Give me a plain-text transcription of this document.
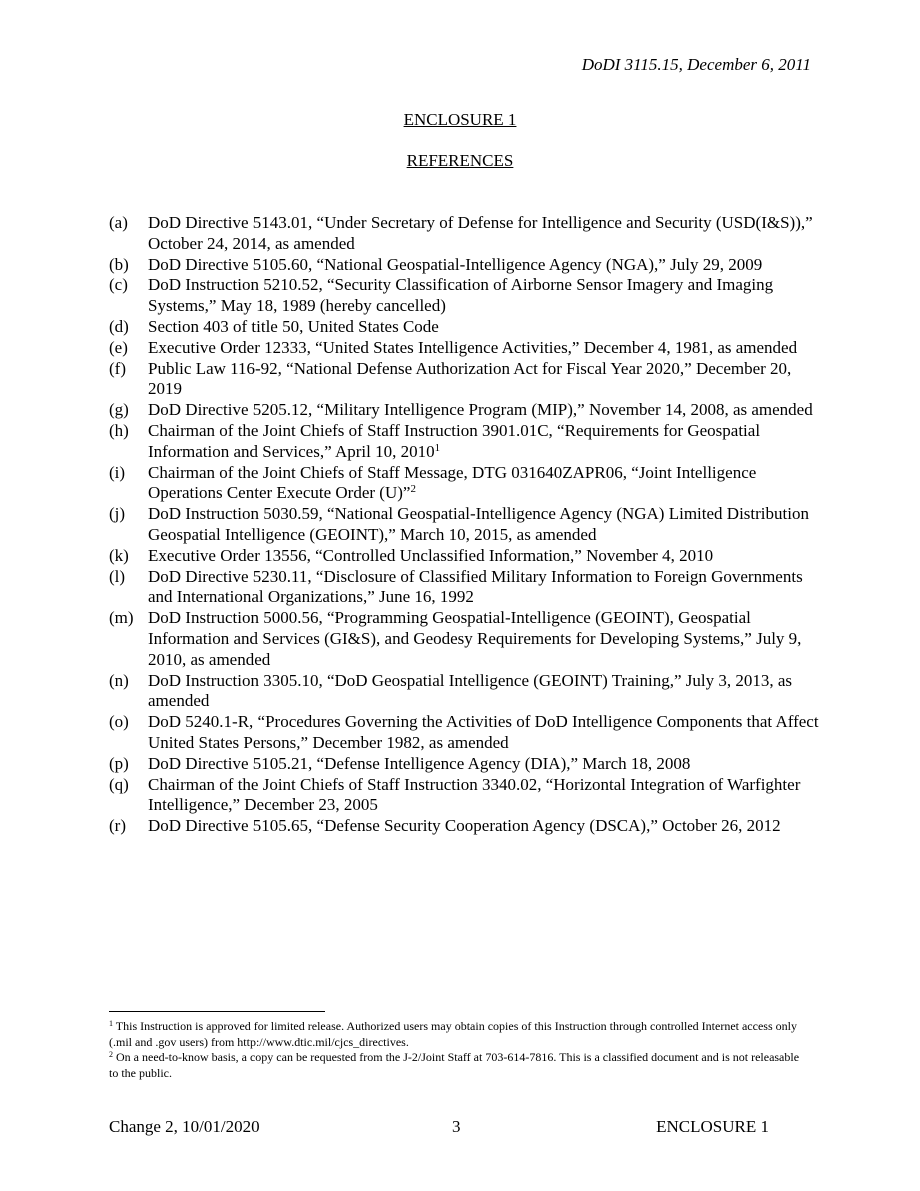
DoDI 3115.15, December 6, 2011
ENCLOSURE 1
REFERENCES
(a) DoD Directive 5143.01, “Under Secretary of Defense for Intelligence and Security (USD(I&S)),” October 24, 2014, as amended
(b) DoD Directive 5105.60, “National Geospatial-Intelligence Agency (NGA),” July 29, 2009
(c) DoD Instruction 5210.52, “Security Classification of Airborne Sensor Imagery and Imaging Systems,” May 18, 1989 (hereby cancelled)
(d) Section 403 of title 50, United States Code
(e) Executive Order 12333, “United States Intelligence Activities,” December 4, 1981, as amended
(f) Public Law 116-92, “National Defense Authorization Act for Fiscal Year 2020,” December 20, 2019
(g) DoD Directive 5205.12, “Military Intelligence Program (MIP),” November 14, 2008, as amended
(h) Chairman of the Joint Chiefs of Staff Instruction 3901.01C, “Requirements for Geospatial Information and Services,” April 10, 2010$^1$
(i) Chairman of the Joint Chiefs of Staff Message, DTG 031640ZAPR06, “Joint Intelligence Operations Center Execute Order (U)”$^2$
(j) DoD Instruction 5030.59, “National Geospatial-Intelligence Agency (NGA) Limited Distribution Geospatial Intelligence (GEOINT),” March 10, 2015, as amended
(k) Executive Order 13556, “Controlled Unclassified Information,” November 4, 2010
(l) DoD Directive 5230.11, “Disclosure of Classified Military Information to Foreign Governments and International Organizations,” June 16, 1992
(m) DoD Instruction 5000.56, “Programming Geospatial-Intelligence (GEOINT), Geospatial Information and Services (GI&S), and Geodesy Requirements for Developing Systems,” July 9, 2010, as amended
(n) DoD Instruction 3305.10, “DoD Geospatial Intelligence (GEOINT) Training,” July 3, 2013, as amended
(o) DoD 5240.1-R, “Procedures Governing the Activities of DoD Intelligence Components that Affect United States Persons,” December 1982, as amended
(p) DoD Directive 5105.21, “Defense Intelligence Agency (DIA),” March 18, 2008
(q) Chairman of the Joint Chiefs of Staff Instruction 3340.02, “Horizontal Integration of Warfighter Intelligence,” December 23, 2005
(r) DoD Directive 5105.65, “Defense Security Cooperation Agency (DSCA),” October 26, 2012
$^1$ This Instruction is approved for limited release. Authorized users may obtain copies of this Instruction through controlled Internet access only (.mil and .gov users) from http://www.dtic.mil/cjcs_directives.
$^2$ On a need-to-know basis, a copy can be requested from the J-2/Joint Staff at 703-614-7816. This is a classified document and is not releasable to the public.
Change 2, 10/01/2020	3	ENCLOSURE 1
